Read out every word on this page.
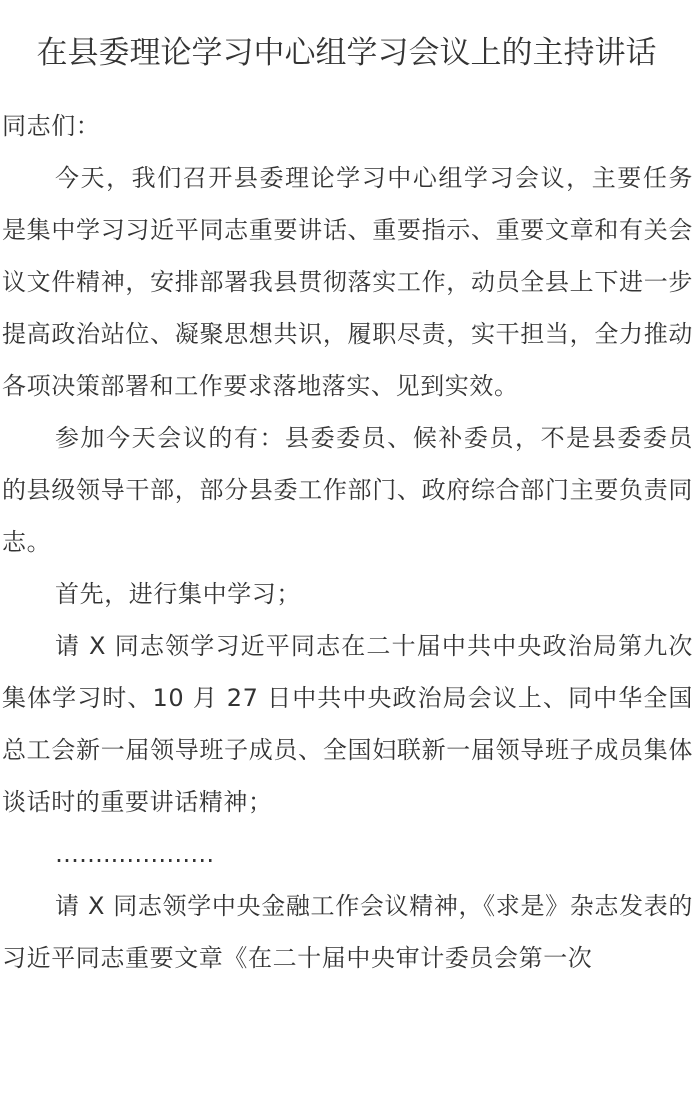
在县委理论学习中心组学习会议上的主持讲话

同志们：

今天，我们召开县委理论学习中心组学习会议，主要任务是集中学习习近平同志重要讲话、重要指示、重要文章和有关会议文件精神，安排部署我县贯彻落实工作，动员全县上下进一步提高政治站位、凝聚思想共识，履职尽责，实干担当，全力推动各项决策部署和工作要求落地落实、见到实效。

参加今天会议的有：县委委员、候补委员，不是县委委员的县级领导干部，部分县委工作部门、政府综合部门主要负责同志。

首先，进行集中学习；

请 X 同志领学习近平同志在二十届中共中央政治局第九次集体学习时、10 月 27 日中共中央政治局会议上、同中华全国总工会新一届领导班子成员、全国妇联新一届领导班子成员集体谈话时的重要讲话精神；

……..…………

请 X 同志领学中央金融工作会议精神，《求是》杂志发表的习近平同志重要文章《在二十届中央审计委员会第一次
